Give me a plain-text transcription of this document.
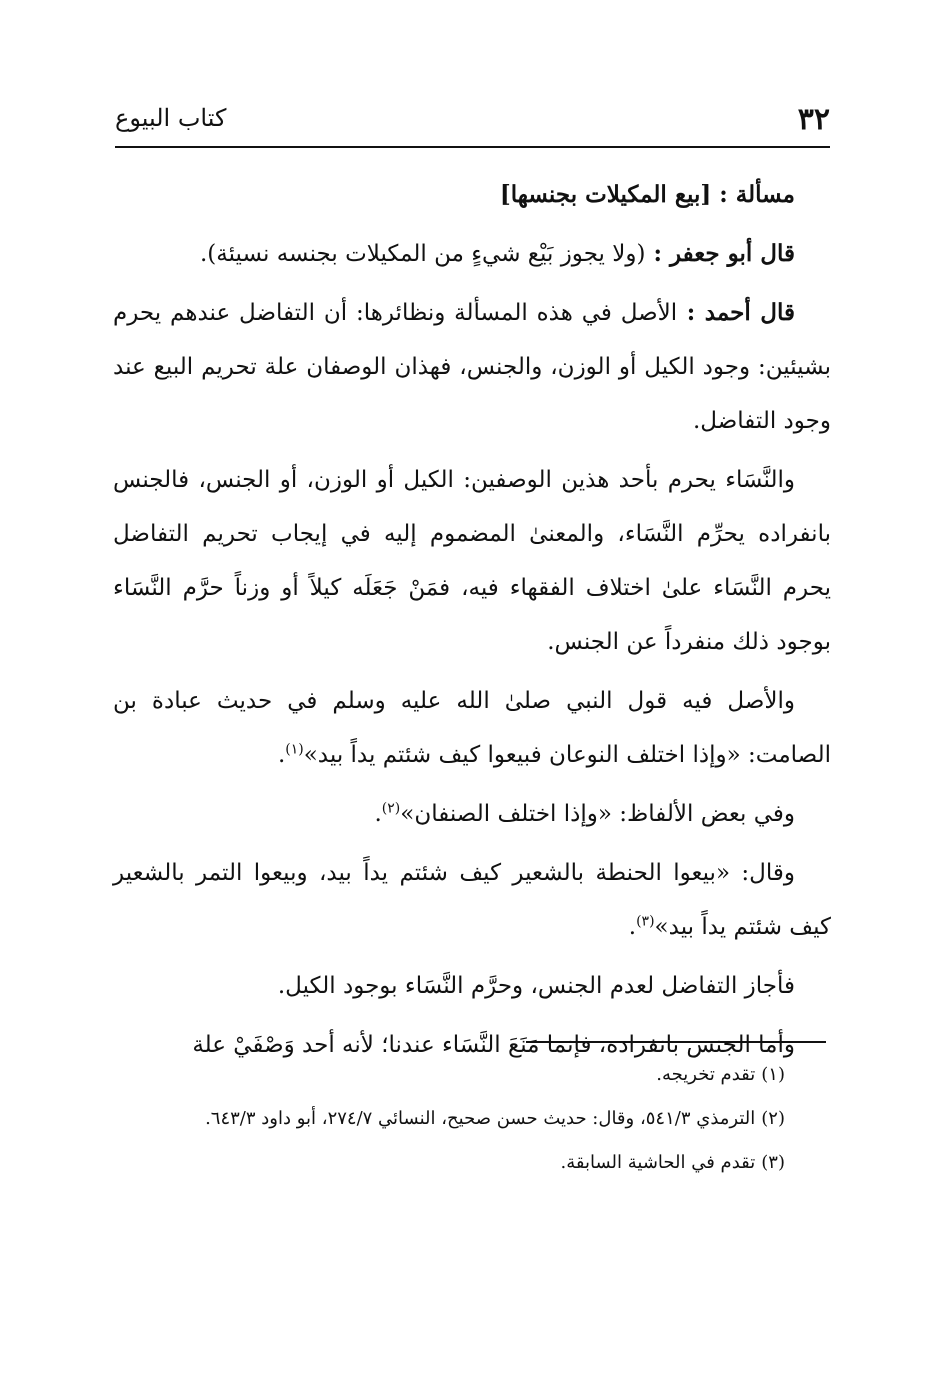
٣٢
كتاب البيوع

مسألة : [بيع المكيلات بجنسها]

قال أبو جعفر : (ولا يجوز بَيْع شيءٍ من المكيلات بجنسه نسيئة).

قال أحمد : الأصل في هذه المسألة ونظائرها: أن التفاضل عندهم يحرم بشيئين: وجود الكيل أو الوزن، والجنس، فهذان الوصفان علة تحريم البيع عند وجود التفاضل.

والنَّسَاء يحرم بأحد هذين الوصفين: الكيل أو الوزن، أو الجنس، فالجنس بانفراده يحرِّم النَّسَاء، والمعنىٰ المضموم إليه في إيجاب تحريم التفاضل يحرم النَّسَاء علىٰ اختلاف الفقهاء فيه، فمَنْ جَعَلَه كيلاً أو وزناً حرَّم النَّسَاء بوجود ذلك منفرداً عن الجنس.

والأصل فيه قول النبي صلىٰ الله عليه وسلم في حديث عبادة بن الصامت: «وإذا اختلف النوعان فبيعوا كيف شئتم يداً بيد»$^{(١)}$.

وفي بعض الألفاظ: «وإذا اختلف الصنفان»$^{(٢)}$.

وقال: «بيعوا الحنطة بالشعير كيف شئتم يداً بيد، وبيعوا التمر بالشعير كيف شئتم يداً بيد»$^{(٣)}$.

فأجاز التفاضل لعدم الجنس، وحرَّم النَّسَاء بوجود الكيل.

وأما الجنس بانفراده، فإنما مَنَعَ النَّسَاء عندنا؛ لأنه أحد وَصْفَيْ علة

(١)تقدم تخريجه.

(٢)الترمذي ٥٤١/٣، وقال: حديث حسن صحيح، النسائي ٢٧٤/٧، أبو داود ٦٤٣/٣.

(٣)تقدم في الحاشية السابقة.
